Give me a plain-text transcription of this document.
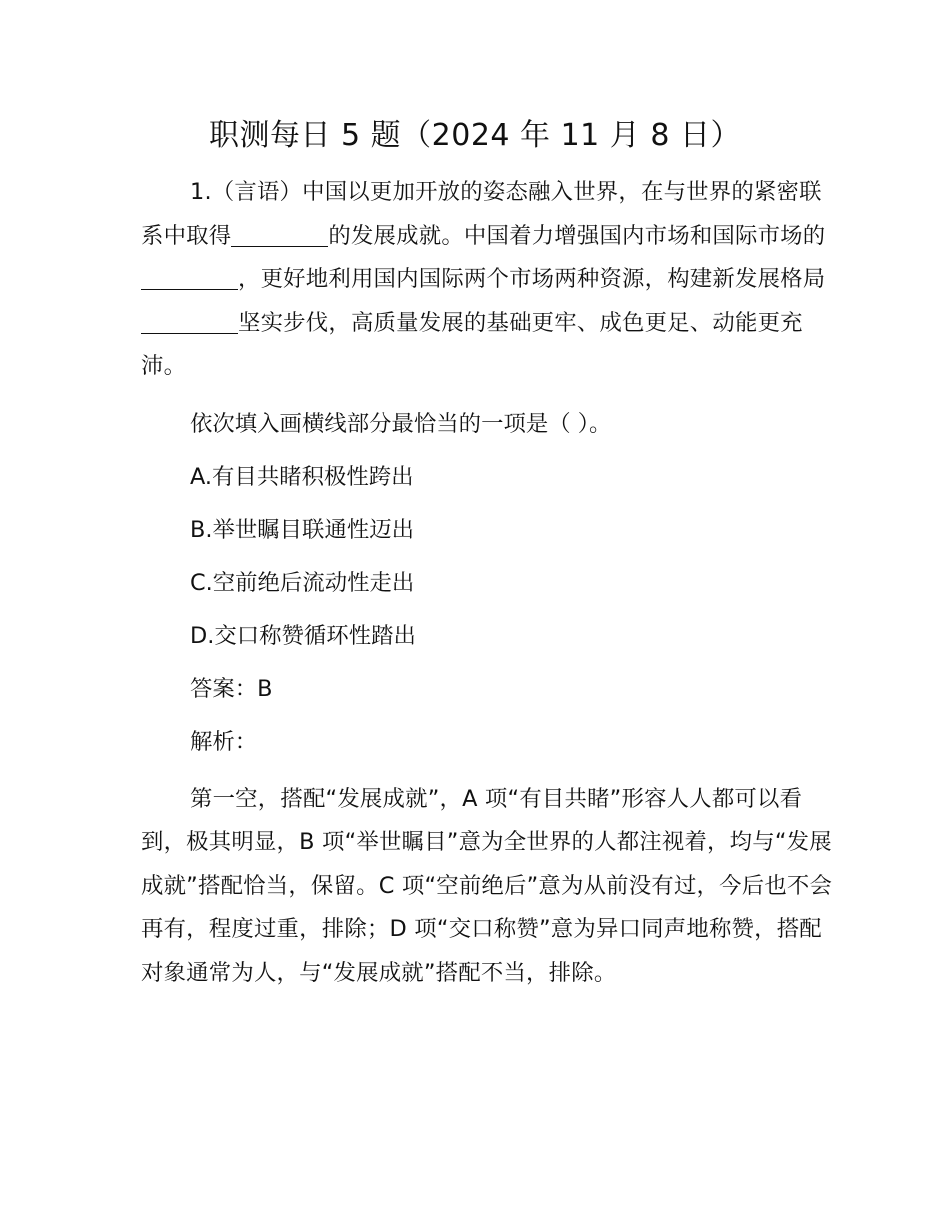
职测每日 5 题（2024 年 11 月 8 日）

1.（言语）中国以更加开放的姿态融入世界，在与世界的紧密联系中取得	的发展成就。中国着力增强国内市场和国际市场的，更好地利用国内国际两个市场两种资源，构建新发展格局坚实步伐，高质量发展的基础更牢、成色更足、动能更充沛。

依次填入画横线部分最恰当的一项是（ ）。

A.有目共睹积极性跨出

B.举世瞩目联通性迈出

C.空前绝后流动性走出

D.交口称赞循环性踏出

答案：B

解析：

第一空，搭配“发展成就”，A 项“有目共睹”形容人人都可以看到，极其明显，B 项“举世瞩目”意为全世界的人都注视着，均与“发展成就”搭配恰当，保留。C 项“空前绝后”意为从前没有过，今后也不会再有，程度过重，排除；D 项“交口称赞”意为异口同声地称赞，搭配对象通常为人，与“发展成就”搭配不当，排除。
